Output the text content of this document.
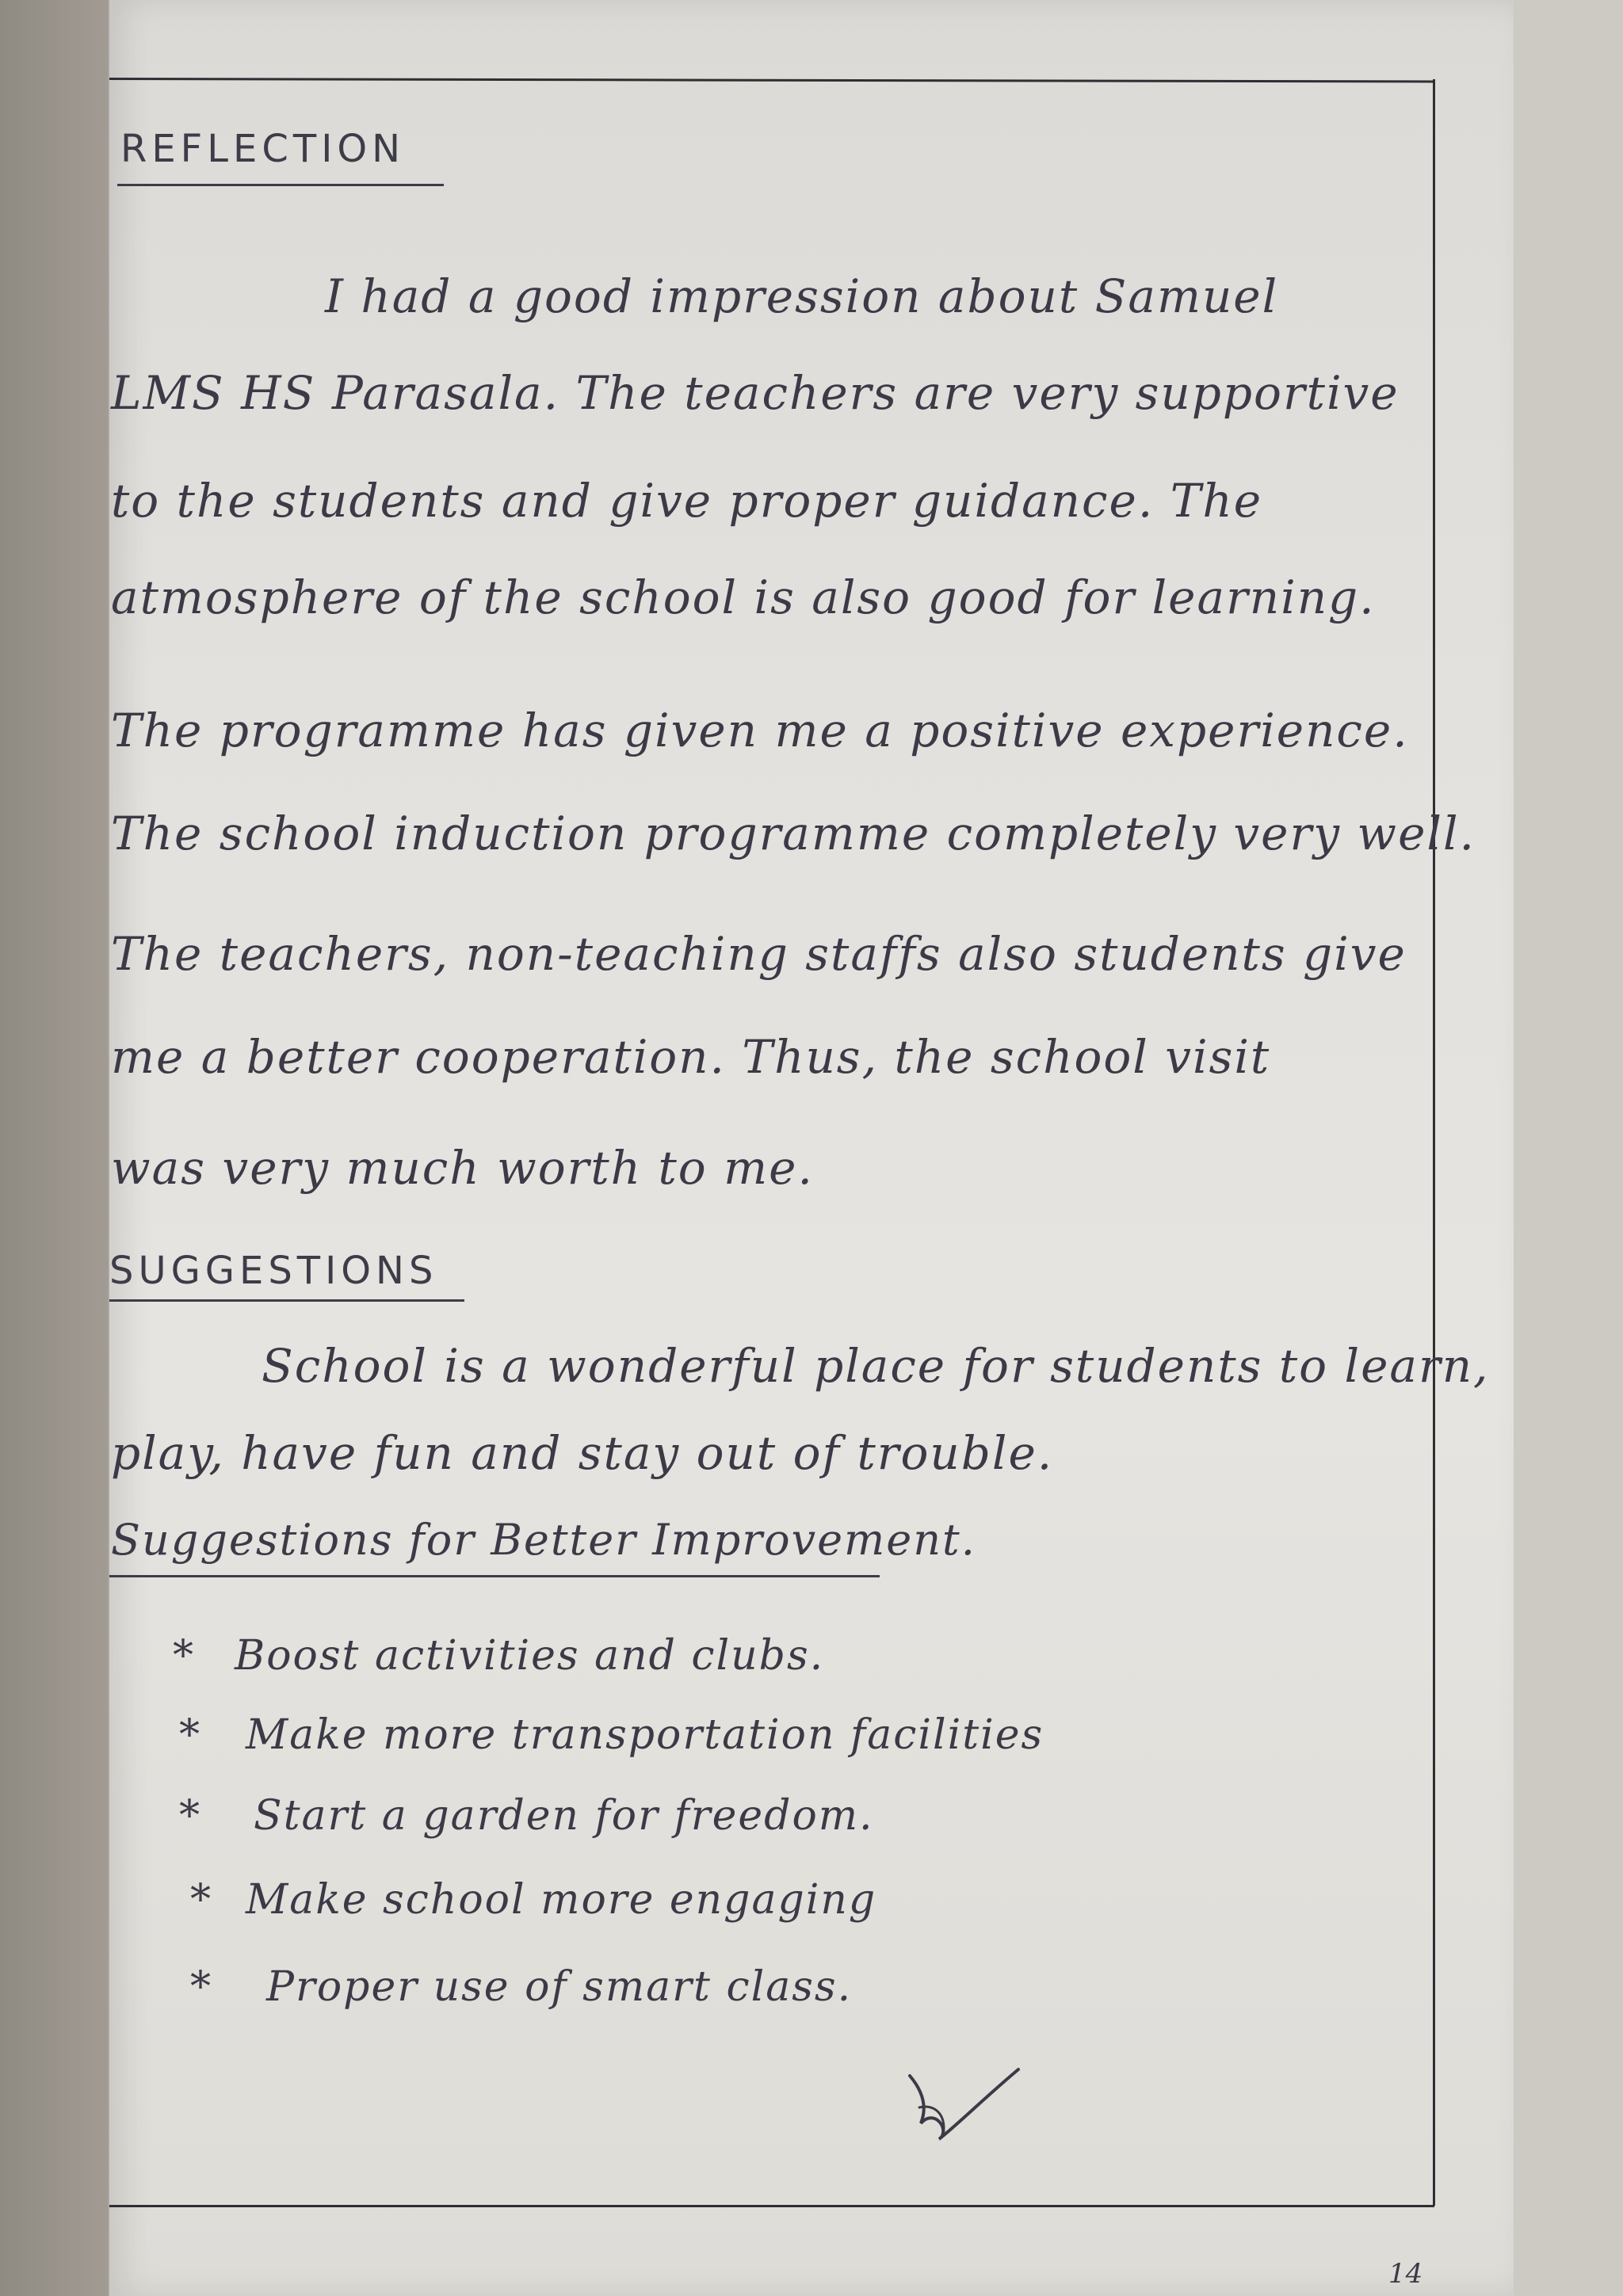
REFLECTION
I had a good impression about Samuel
LMS HS Parasala. The teachers are very supportive
to the students and give proper guidance. The
atmosphere of the school is also good for learning.
The programme has given me a positive experience.
The school induction programme completely very well.
The teachers, non-teaching staffs also students give
me a better cooperation. Thus, the school visit
was very much worth to me.
SUGGESTIONS
School is a wonderful place for students to learn,
play, have fun and stay out of trouble.
Suggestions for Better Improvement.
* Boost activities and clubs.
* Make more transportation facilities
* Start a garden for freedom.
* Make school more engaging
* Proper use of smart class.
14
